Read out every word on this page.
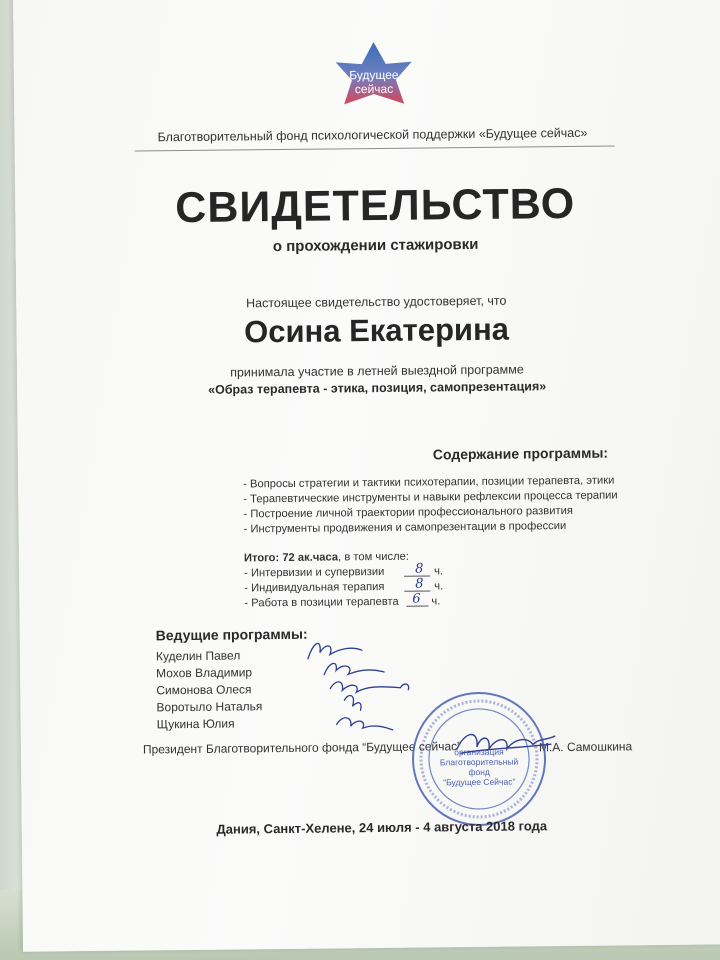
Будущее
сейчас
Благотворительный фонд психологической поддержки «Будущее сейчас»
СВИДЕТЕЛЬСТВО
о прохождении стажировки
Настоящее свидетельство удостоверяет, что
Осина Екатерина
принимала участие в летней выездной программе
«Образ терапевта - этика, позиция, самопрезентация»
Содержание программы:
- Вопросы стратегии и тактики психотерапии, позиции терапевта, этики
- Терапевтические инструменты и навыки рефлексии процесса терапии
- Построение личной траектории профессионального развития
- Инструменты продвижения и самопрезентации в профессии
Итого: 72 ак.часа, в том числе:
- Интервизии и супервизии 8 ч.
- Индивидуальная терапия 8 ч.
- Работа в позиции терапевта 6 ч.
Ведущие программы:
Куделин Павел
Мохов Владимир
Симонова Олеся
Воротыло Наталья
Щукина Юлия
Президент Благотворительного фонда “Будущее сейчас”	М.А. Самошкина
организация
Благотворительный фонд
"Будущее Сейчас"
Дания, Санкт-Хелене, 24 июля - 4 августа 2018 года
